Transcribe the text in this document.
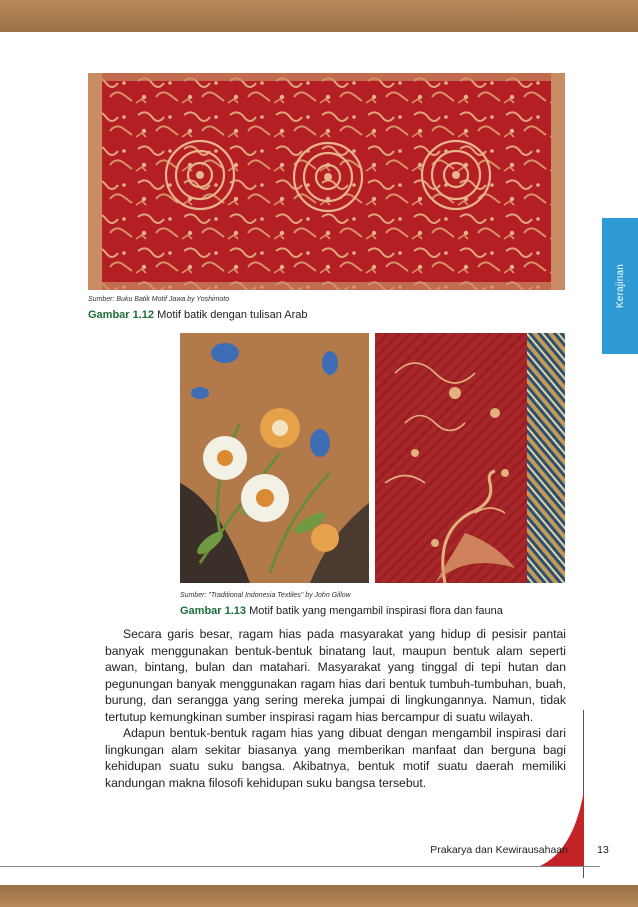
Kerajinan
Sumber: Buku Batik Motif Jawa by Yoshimoto
Gambar 1.12 Motif batik dengan tulisan Arab
Sumber: "Traditional Indonesia Textiles" by John Gillow
Gambar 1.13 Motif batik yang mengambil inspirasi flora dan fauna

Secara garis besar, ragam hias pada masyarakat yang hidup di pesisir pantai banyak menggunakan bentuk-bentuk binatang laut, maupun bentuk alam seperti awan, bintang, bulan dan matahari. Masyarakat yang tinggal di tepi hutan dan pegunungan banyak menggunakan ragam hias dari bentuk tumbuh-tumbuhan, buah, burung, dan serangga yang sering mereka jumpai di lingkungannya. Namun, tidak tertutup kemungkinan sumber inspirasi ragam hias bercampur di suatu wilayah.

Adapun bentuk-bentuk ragam hias yang dibuat dengan mengambil inspirasi dari lingkungan alam sekitar biasanya yang memberikan manfaat dan berguna bagi kehidupan suatu suku bangsa. Akibatnya, bentuk motif suatu daerah memiliki kandungan makna filosofi kehidupan suku bangsa tersebut.

Prakarya dan Kewirausahaan	13
